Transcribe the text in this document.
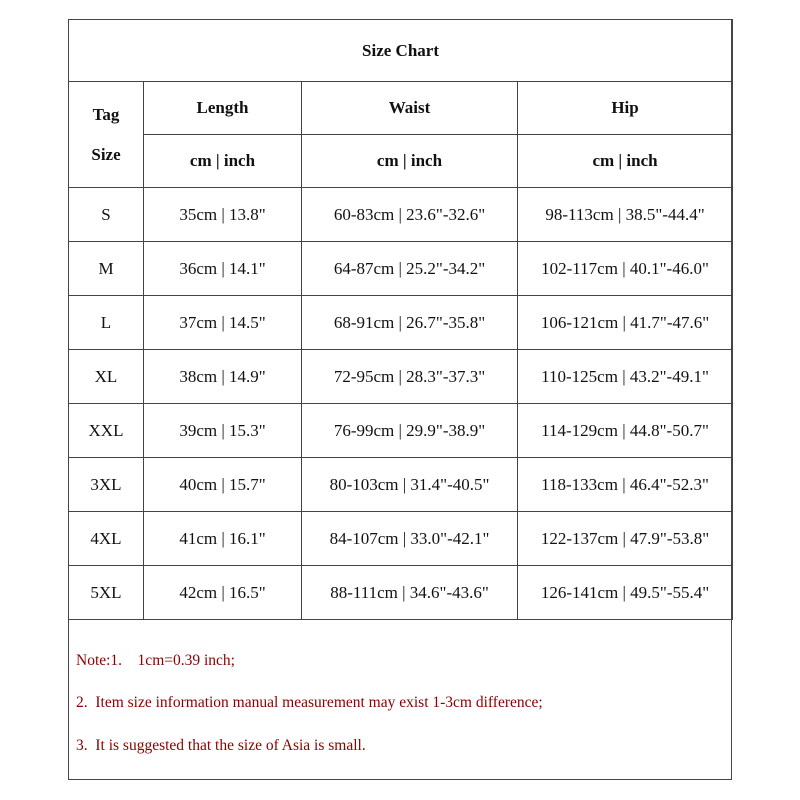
Size Chart			
Tag
Size	Length	Waist	Hip
	cm | inch	cm | inch	cm | inch
S	35cm | 13.8"	60-83cm | 23.6"-32.6"	98-113cm | 38.5"-44.4"
M	36cm | 14.1"	64-87cm | 25.2"-34.2"	102-117cm | 40.1"-46.0"
L	37cm | 14.5"	68-91cm | 26.7"-35.8"	106-121cm | 41.7"-47.6"
XL	38cm | 14.9"	72-95cm | 28.3"-37.3"	110-125cm | 43.2"-49.1"
XXL	39cm | 15.3"	76-99cm | 29.9"-38.9"	114-129cm | 44.8"-50.7"
3XL	40cm | 15.7"	80-103cm | 31.4"-40.5"	118-133cm | 46.4"-52.3"
4XL	41cm | 16.1"	84-107cm | 33.0"-42.1"	122-137cm | 47.9"-53.8"
5XL	42cm | 16.5"	88-111cm | 34.6"-43.6"	126-141cm | 49.5"-55.4"
Note:1.    1cm=0.39 inch;
2.  Item size information manual measurement may exist 1-3cm difference;
3.  It is suggested that the size of Asia is small.
